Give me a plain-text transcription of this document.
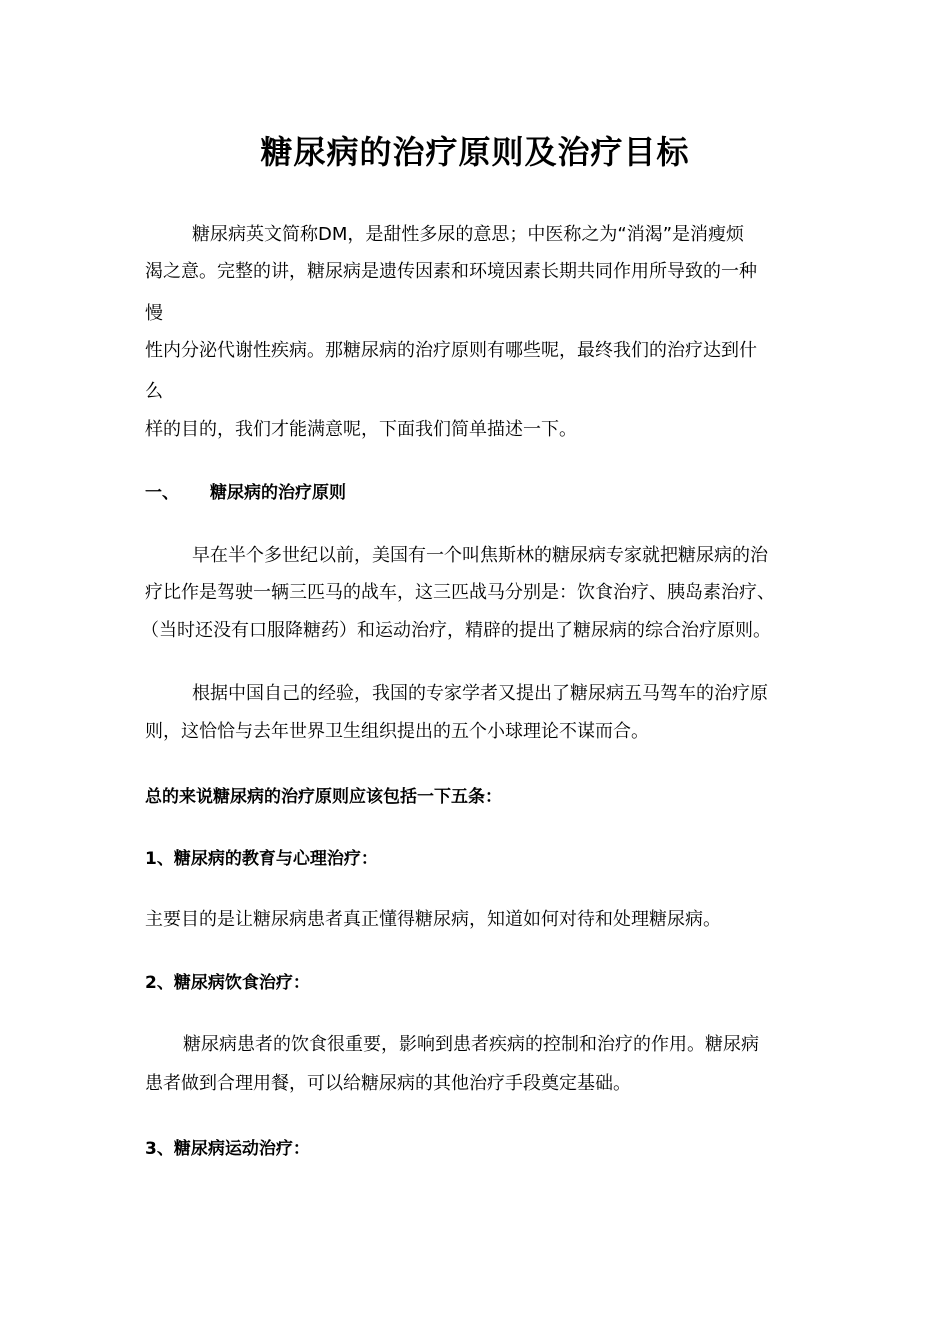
糖尿病的治疗原则及治疗目标
糖尿病英文简称DM，是甜性多尿的意思；中医称之为“消渴”是消瘦烦
渴之意。完整的讲，糖尿病是遗传因素和环境因素长期共同作用所导致的一种
慢
性内分泌代谢性疾病。那糖尿病的治疗原则有哪些呢，最终我们的治疗达到什
么
样的目的，我们才能满意呢，下面我们简单描述一下。
一、 糖尿病的治疗原则
早在半个多世纪以前，美国有一个叫焦斯林的糖尿病专家就把糖尿病的治
疗比作是驾驶一辆三匹马的战车，这三匹战马分别是：饮食治疗、胰岛素治疗、
（当时还没有口服降糖药）和运动治疗，精辟的提出了糖尿病的综合治疗原则。
根据中国自己的经验，我国的专家学者又提出了糖尿病五马驾车的治疗原
则，这恰恰与去年世界卫生组织提出的五个小球理论不谋而合。
总的来说糖尿病的治疗原则应该包括一下五条：
1、糖尿病的教育与心理治疗：
主要目的是让糖尿病患者真正懂得糖尿病，知道如何对待和处理糖尿病。
2、糖尿病饮食治疗：
糖尿病患者的饮食很重要，影响到患者疾病的控制和治疗的作用。糖尿病
患者做到合理用餐，可以给糖尿病的其他治疗手段奠定基础。
3、糖尿病运动治疗：
